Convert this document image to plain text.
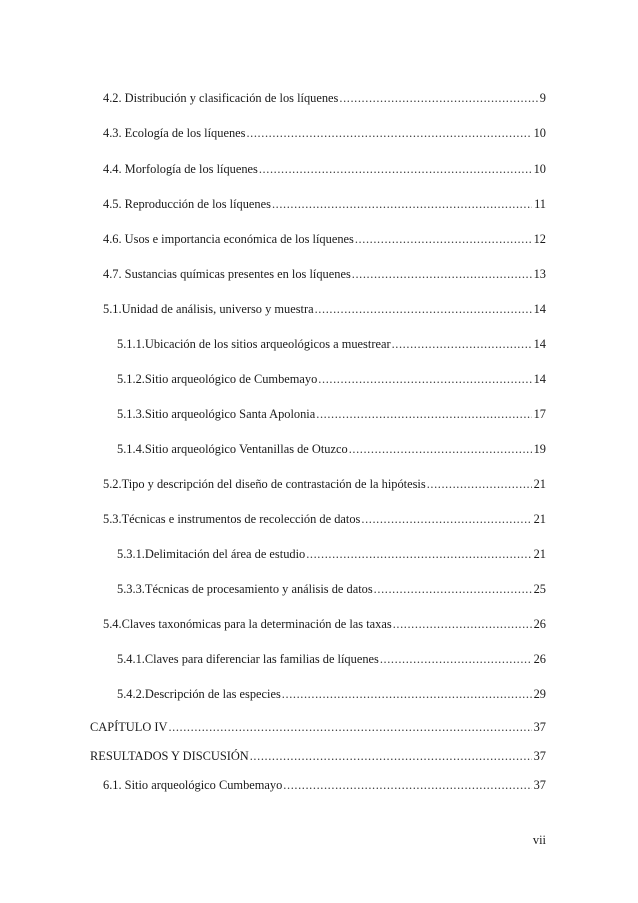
4.2. Distribución y clasificación de los líquenes .....	9
4.3. Ecología de los líquenes .....	10
4.4. Morfología de los líquenes .....	10
4.5. Reproducción de los líquenes .....	11
4.6. Usos e importancia económica de los líquenes .....	12
4.7. Sustancias químicas presentes en los líquenes .....	13
5.1. Unidad de análisis, universo y muestra .....	14
5.1.1. Ubicación de los sitios arqueológicos a muestrear .....	14
5.1.2. Sitio arqueológico de Cumbemayo .....	14
5.1.3. Sitio arqueológico Santa Apolonia .....	17
5.1.4. Sitio arqueológico Ventanillas de Otuzco .....	19
5.2. Tipo y descripción del diseño de contrastación de la hipótesis .....	21
5.3. Técnicas e instrumentos de recolección de datos .....	21
5.3.1. Delimitación del área de estudio .....	21
5.3.3. Técnicas de procesamiento y análisis de datos .....	25
5.4. Claves taxonómicas para la determinación de las taxas .....	26
5.4.1. Claves para diferenciar las familias de líquenes .....	26
5.4.2. Descripción de las especies .....	29
CAPÍTULO IV .....	37
RESULTADOS Y DISCUSIÓN .....	37
6.1. Sitio arqueológico Cumbemayo .....	37
vii
